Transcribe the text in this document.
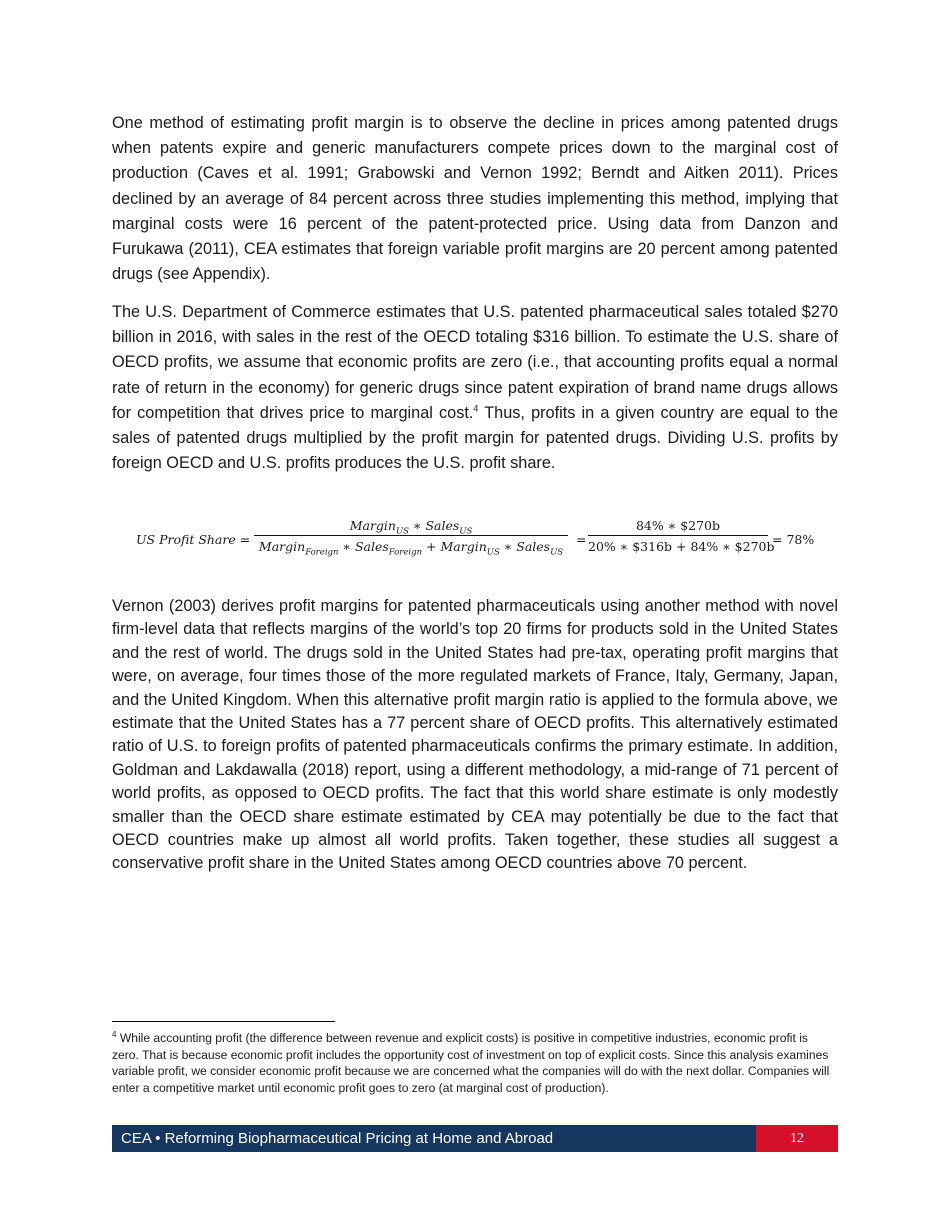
One method of estimating profit margin is to observe the decline in prices among patented drugs when patents expire and generic manufacturers compete prices down to the marginal cost of production (Caves et al. 1991; Grabowski and Vernon 1992; Berndt and Aitken 2011). Prices declined by an average of 84 percent across three studies implementing this method, implying that marginal costs were 16 percent of the patent-protected price. Using data from Danzon and Furukawa (2011), CEA estimates that foreign variable profit margins are 20 percent among patented drugs (see Appendix).

The U.S. Department of Commerce estimates that U.S. patented pharmaceutical sales totaled $270 billion in 2016, with sales in the rest of the OECD totaling $316 billion. To estimate the U.S. share of OECD profits, we assume that economic profits are zero (i.e., that accounting profits equal a normal rate of return in the economy) for generic drugs since patent expiration of brand name drugs allows for competition that drives price to marginal cost.$^4$ Thus, profits in a given country are equal to the sales of patented drugs multiplied by the profit margin for patented drugs. Dividing U.S. profits by foreign OECD and U.S. profits produces the U.S. profit share.

US Profit Share =
Margin$_{US}$ ∗ Sales$_{US}$
Margin$_{Foreign}$ ∗ Sales$_{Foreign}$ + Margin$_{US}$ ∗ Sales$_{US}$
=
84% ∗ $270b
20% ∗ $316b + 84% ∗ $270b
= 78%

Vernon (2003) derives profit margins for patented pharmaceuticals using another method with novel firm-level data that reflects margins of the world’s top 20 firms for products sold in the United States and the rest of world. The drugs sold in the United States had pre-tax, operating profit margins that were, on average, four times those of the more regulated markets of France, Italy, Germany, Japan, and the United Kingdom. When this alternative profit margin ratio is applied to the formula above, we estimate that the United States has a 77 percent share of OECD profits. This alternatively estimated ratio of U.S. to foreign profits of patented pharmaceuticals confirms the primary estimate. In addition, Goldman and Lakdawalla (2018) report, using a different methodology, a mid-range of 71 percent of world profits, as opposed to OECD profits. The fact that this world share estimate is only modestly smaller than the OECD share estimate estimated by CEA may potentially be due to the fact that OECD countries make up almost all world profits. Taken together, these studies all suggest a conservative profit share in the United States among OECD countries above 70 percent.

$^4$ While accounting profit (the difference between revenue and explicit costs) is positive in competitive industries, economic profit is zero. That is because economic profit includes the opportunity cost of investment on top of explicit costs. Since this analysis examines variable profit, we consider economic profit because we are concerned what the companies will do with the next dollar. Companies will enter a competitive market until economic profit goes to zero (at marginal cost of production).

CEA • Reforming Biopharmaceutical Pricing at Home and Abroad	12
